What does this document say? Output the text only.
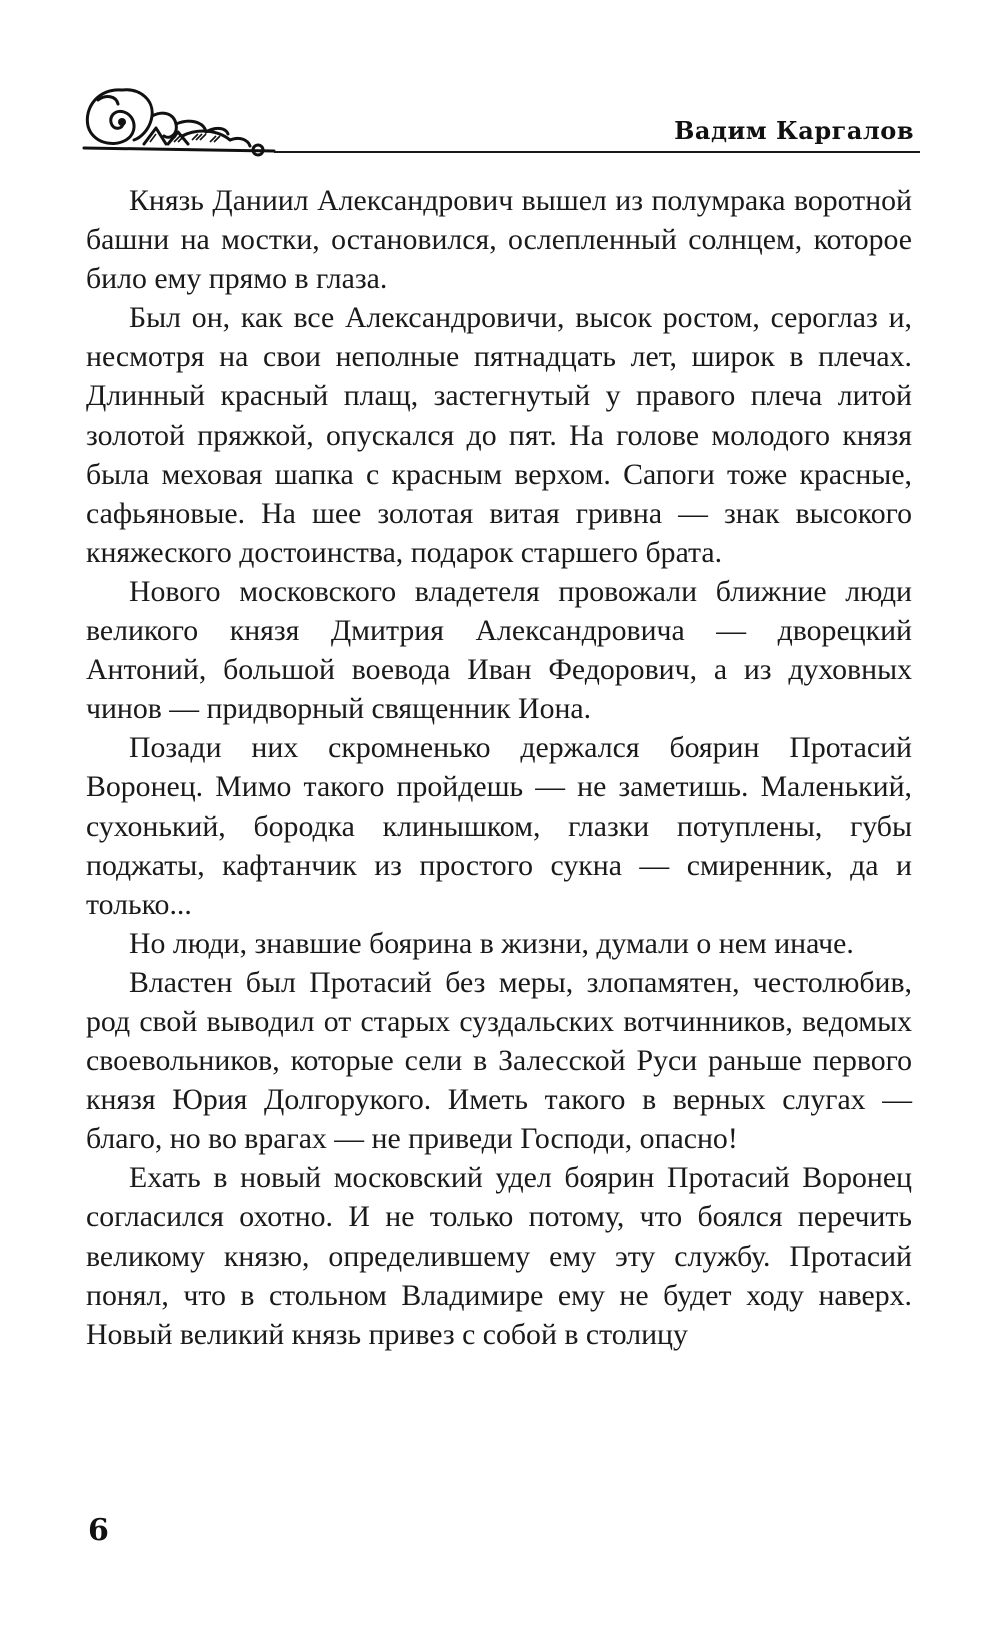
Вадим Каргалов

Князь Даниил Александрович вышел из полумрака воротной башни на мостки, остановился, ослепленный солнцем, которое било ему прямо в глаза.

Был он, как все Александровичи, высок ростом, сероглаз и, несмотря на свои неполные пятнадцать лет, широк в плечах. Длинный красный плащ, застегнутый у правого плеча литой золотой пряжкой, опускался до пят. На голове молодого князя была меховая шапка с красным верхом. Сапоги тоже красные, сафьяновые. На шее золотая витая гривна — знак высокого княжеского достоинства, подарок старшего брата.

Нового московского владетеля провожали ближние люди великого князя Дмитрия Александровича — дворецкий Антоний, большой воевода Иван Федорович, а из духовных чинов — придворный священник Иона.

Позади них скромненько держался боярин Протасий Воронец. Мимо такого пройдешь — не заметишь. Маленький, сухонький, бородка клинышком, глазки потуплены, губы поджаты, кафтанчик из простого сукна — смиренник, да и только...

Но люди, знавшие боярина в жизни, думали о нем иначе.

Властен был Протасий без меры, злопамятен, честолюбив, род свой выводил от старых суздальских вотчинников, ведомых своевольников, которые сели в Залесской Руси раньше первого князя Юрия Долгорукого. Иметь такого в верных слугах — благо, но во врагах — не приведи Господи, опасно!

Ехать в новый московский удел боярин Протасий Воронец согласился охотно. И не только потому, что боялся перечить великому князю, определившему ему эту службу. Протасий понял, что в стольном Владимире ему не будет ходу наверх. Новый великий князь привез с собой в столицу

6
